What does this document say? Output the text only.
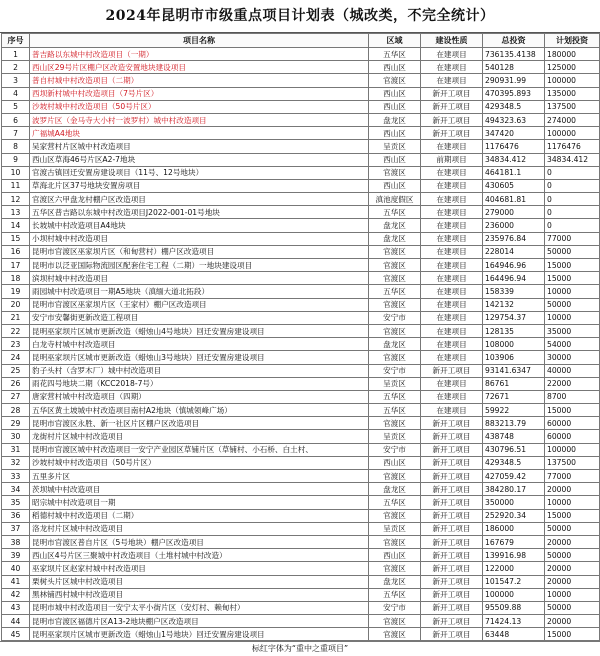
2024年昆明市市级重点项目计划表（城改类，不完全统计）
序号	项目名称	区域	建设性质	总投资	计划投资
1	普吉路以东城中村改造项目（一期）	五华区	在建项目	736135.4138	180000
2	西山区29号片区棚户区改造安置地块建设项目	西山区	在建项目	540128	125000
3	普自村城中村改造项目（二期）	官渡区	在建项目	290931.99	100000
4	西坝新村城中村改造项目（7号片区）	西山区	新开工项目	470395.893	135000
5	沙坡村城中村改造项目（50号片区）	西山区	新开工项目	429348.5	137500
6	波罗片区（金马寺大小村一波罗村）城中村改造项目	盘龙区	新开工项目	494323.63	274000
7	广福城A4地块	西山区	新开工项目	347420	100000
8	吴家营村片区城中村改造项目	呈贡区	在建项目	1176476	1176476
9	西山区草海46号片区A2-7地块	西山区	前期项目	34834.412	34834.412
10	官渡古镇回迁安置房建设项目（11号、12号地块）	官渡区	在建项目	464181.1	0
11	草海北片区37号地块安置房项目	西山区	在建项目	430605	0
12	官渡区六甲盘龙村棚户区改造项目	滇池度假区	在建项目	404681.81	0
13	五华区普吉路以东城中村改造项目J2022-001-01号地块	五华区	在建项目	279000	0
14	长坡城中村改造项目A4地块	盘龙区	在建项目	236000	0
15	小坝村城中村改造项目	盘龙区	在建项目	235976.84	77000
16	昆明市官渡区巫家坝片区（和甸营村）棚户区改造项目	官渡区	在建项目	228014	50000
17	昆明市以泛亚国际物流园区配套住宅工程（二期）一地块建设项目	官渡区	在建项目	164946.96	15000
18	滨坝村城中村改造项目	官渡区	在建项目	164496.94	15000
19	雨园城中村改造项目一期A5地块（滇缅大道北拓段）	五华区	在建项目	158339	10000
20	昆明市官渡区巫家坝片区（王家村）棚户区改造项目	官渡区	在建项目	142132	50000
21	安宁市安馨街更新改造工程项目	安宁市	在建项目	129754.37	10000
22	昆明巫家坝片区城市更新改造（蜡烛山4号地块）回迁安置房建设项目	官渡区	在建项目	128135	35000
23	白龙寺村城中村改造项目	盘龙区	在建项目	108000	54000
24	昆明巫家坝片区城市更新改造（蜡烛山3号地块）回迁安置房建设项目	官渡区	在建项目	103906	30000
25	豹子头村（含罗木厂）城中村改造项目	安宁市	新开工项目	93141.6347	40000
26	雨花四号地块二期（KCC2018-7号）	呈贡区	在建项目	86761	22000
27	唐家营村城中村改造项目（四期）	五华区	在建项目	72671	8700
28	五华区黄土坡城中村改造项目南村A2地块（慎城领峰广场）	五华区	在建项目	59922	15000
29	昆明市官渡区永胜、新一社区片区棚户区改造项目	官渡区	新开工项目	883213.79	60000
30	龙街村片区城中村改造项目	呈贡区	新开工项目	438748	60000
31	昆明市官渡区城中村改造项目一安宁产业园区草铺片区（草铺村、小石桥、白土村、	安宁市	新开工项目	430796.51	100000
32	沙坡村城中村改造项目（50号片区）	西山区	新开工项目	429348.5	137500
33	五里多片区	官渡区	新开工项目	427059.42	77000
34	茨坝城中村改造项目	盘龙区	新开工项目	384280.17	20000
35	昭宗城中村改造项目一期	五华区	新开工项目	350000	10000
36	稻德村城中村改造项目（二期）	官渡区	新开工项目	252920.34	15000
37	洛龙村片区城中村改造项目	呈贡区	新开工项目	186000	50000
38	昆明市官渡区普自片区（5号地块）棚户区改造项目	官渡区	新开工项目	167679	20000
39	西山区4号片区三聚城中村改造项目（土堆村城中村改造）	西山区	新开工项目	139916.98	50000
40	巫家坝片区赵家村城中村改造项目	官渡区	新开工项目	122000	20000
41	栗树头片区城中村改造项目	盘龙区	新开工项目	101547.2	20000
42	黑林铺西村城中村改造项目	五华区	新开工项目	100000	10000
43	昆明市城中村改造项目一安宁太平小街片区（安灯村、赖甸村）	安宁市	新开工项目	95509.88	50000
44	昆明市官渡区福德片区A13-2地块棚户区改造项目	官渡区	新开工项目	71424.13	20000
45	昆明巫家坝片区城市更新改造（蜡烛山1号地块）回迁安置房建设项目	官渡区	新开工项目	63448	15000
标红字体为“重中之重项目”
